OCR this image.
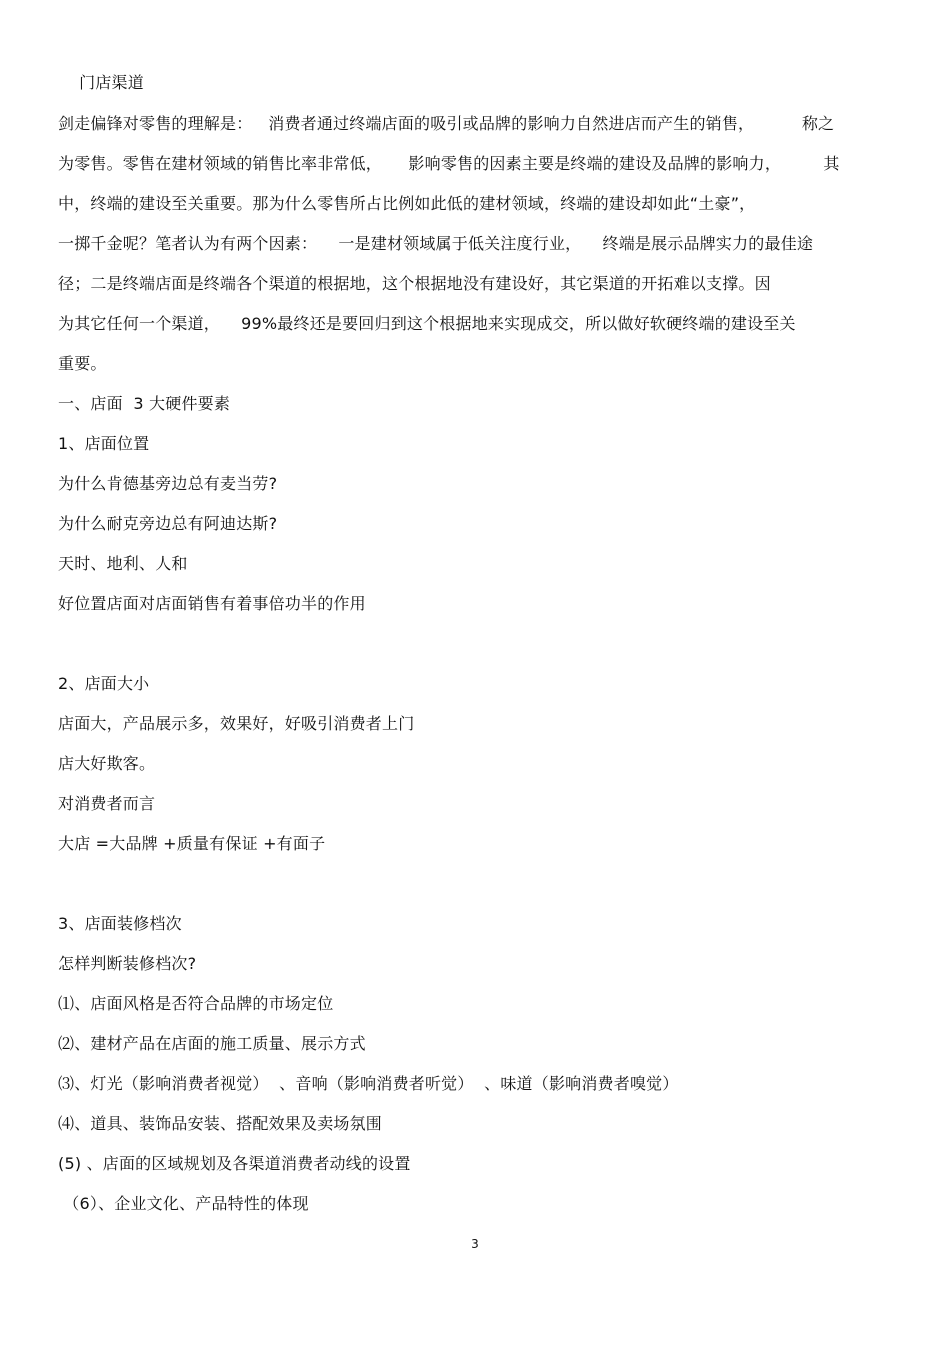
门店渠道
剑走偏锋对零售的理解是：   消费者通过终端店面的吸引或品牌的影响力自然进店而产生的销售，         称之
为零售。零售在建材领域的销售比率非常低，     影响零售的因素主要是终端的建设及品牌的影响力，        其
中，终端的建设至关重要。那为什么零售所占比例如此低的建材领域，终端的建设却如此“土豪”，
一掷千金呢？笔者认为有两个因素：    一是建材领域属于低关注度行业，    终端是展示品牌实力的最佳途
径；二是终端店面是终端各个渠道的根据地，这个根据地没有建设好，其它渠道的开拓难以支撑。因
为其它任何一个渠道，    99%最终还是要回归到这个根据地来实现成交，所以做好软硬终端的建设至关
重要。
一、店面  3 大硬件要素
1、店面位置
为什么肯德基旁边总有麦当劳?
为什么耐克旁边总有阿迪达斯?
天时、地利、人和
好位置店面对店面销售有着事倍功半的作用
2、店面大小
店面大，产品展示多，效果好，好吸引消费者上门
店大好欺客。
对消费者而言
大店 =大品牌 +质量有保证 +有面子
3、店面装修档次
怎样判断装修档次?
⑴、店面风格是否符合品牌的市场定位
⑵、建材产品在店面的施工质量、展示方式
⑶、灯光（影响消费者视觉）  、音响（影响消费者听觉）  、味道（影响消费者嗅觉）
⑷、道具、装饰品安装、搭配效果及卖场氛围
(5) 、店面的区域规划及各渠道消费者动线的设置
（6）、企业文化、产品特性的体现
3
